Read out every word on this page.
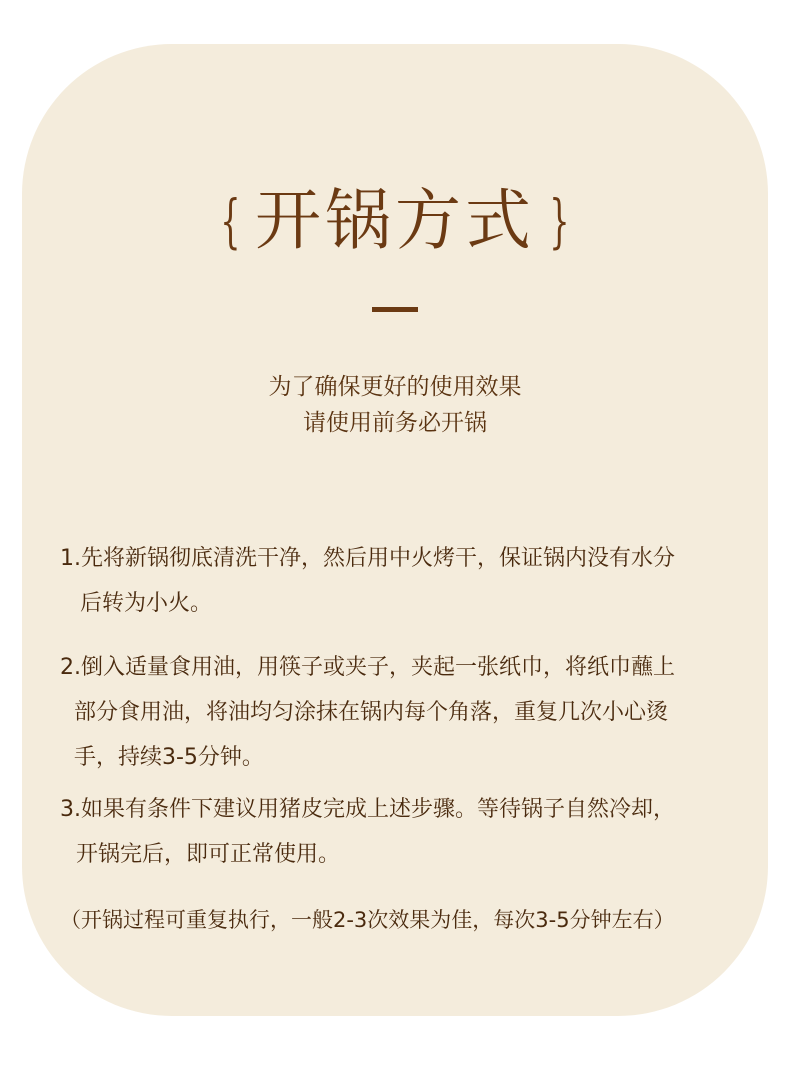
{ 开锅方式 }
为了确保更好的使用效果
请使用前务必开锅
1.先将新锅彻底清洗干净，然后用中火烤干，保证锅内没有水分
后转为小火。
2.倒入适量食用油，用筷子或夹子，夹起一张纸巾，将纸巾蘸上
部分食用油，将油均匀涂抹在锅内每个角落，重复几次小心烫
手，持续3-5分钟。
3.如果有条件下建议用猪皮完成上述步骤。等待锅子自然冷却，
开锅完后，即可正常使用。
（开锅过程可重复执行，一般2-3次效果为佳，每次3-5分钟左右）
